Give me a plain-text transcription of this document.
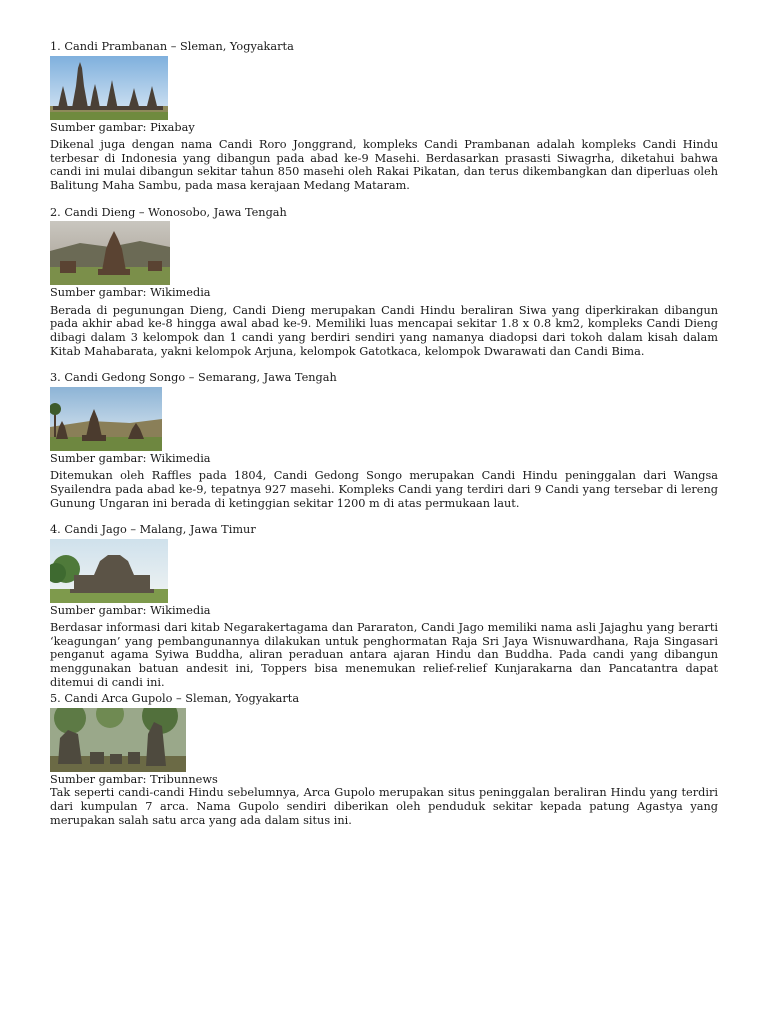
1. Candi Prambanan – Sleman, Yogyakarta

Sumber gambar: Pixabay

Dikenal juga dengan nama Candi Roro Jonggrand, kompleks Candi Prambanan adalah kompleks Candi Hindu terbesar di Indonesia yang dibangun pada abad ke-9 Masehi. Berdasarkan prasasti Siwagrha, diketahui bahwa candi ini mulai dibangun sekitar tahun 850 masehi oleh Rakai Pikatan, dan terus dikembangkan dan diperluas oleh Balitung Maha Sambu, pada masa kerajaan Medang Mataram.

2. Candi Dieng – Wonosobo, Jawa Tengah

Sumber gambar: Wikimedia

Berada di pegunungan Dieng, Candi Dieng merupakan Candi Hindu beraliran Siwa yang diperkirakan dibangun pada akhir abad ke-8 hingga awal abad ke-9. Memiliki luas mencapai sekitar 1.8 x 0.8 km2, kompleks Candi Dieng dibagi dalam 3 kelompok dan 1 candi yang berdiri sendiri yang namanya diadopsi dari tokoh dalam kisah dalam Kitab Mahabarata, yakni kelompok Arjuna, kelompok Gatotkaca, kelompok Dwarawati dan Candi Bima.

3. Candi Gedong Songo – Semarang, Jawa Tengah

Sumber gambar: Wikimedia

Ditemukan oleh Raffles pada 1804, Candi Gedong Songo merupakan Candi Hindu peninggalan dari Wangsa Syailendra pada abad ke-9, tepatnya 927 masehi. Kompleks Candi yang terdiri dari 9 Candi yang tersebar di lereng Gunung Ungaran ini berada di ketinggian sekitar 1200 m di atas permukaan laut.

4. Candi Jago – Malang, Jawa Timur

Sumber gambar: Wikimedia

Berdasar informasi dari kitab Negarakertagama dan Pararaton, Candi Jago memiliki nama asli Jajaghu yang berarti ‘keagungan’ yang pembangunannya dilakukan untuk penghormatan Raja Sri Jaya Wisnuwardhana, Raja Singasari penganut agama Syiwa Buddha, aliran peraduan antara ajaran Hindu dan Buddha. Pada candi yang dibangun menggunakan batuan andesit ini, Toppers bisa menemukan relief-relief Kunjarakarna dan Pancatantra dapat ditemui di candi ini.

5. Candi Arca Gupolo – Sleman, Yogyakarta

Sumber gambar: Tribunnews

Tak seperti candi-candi Hindu sebelumnya, Arca Gupolo merupakan situs peninggalan beraliran Hindu yang terdiri dari kumpulan 7 arca. Nama Gupolo sendiri diberikan oleh penduduk sekitar kepada patung Agastya yang merupakan salah satu arca yang ada dalam situs ini.
